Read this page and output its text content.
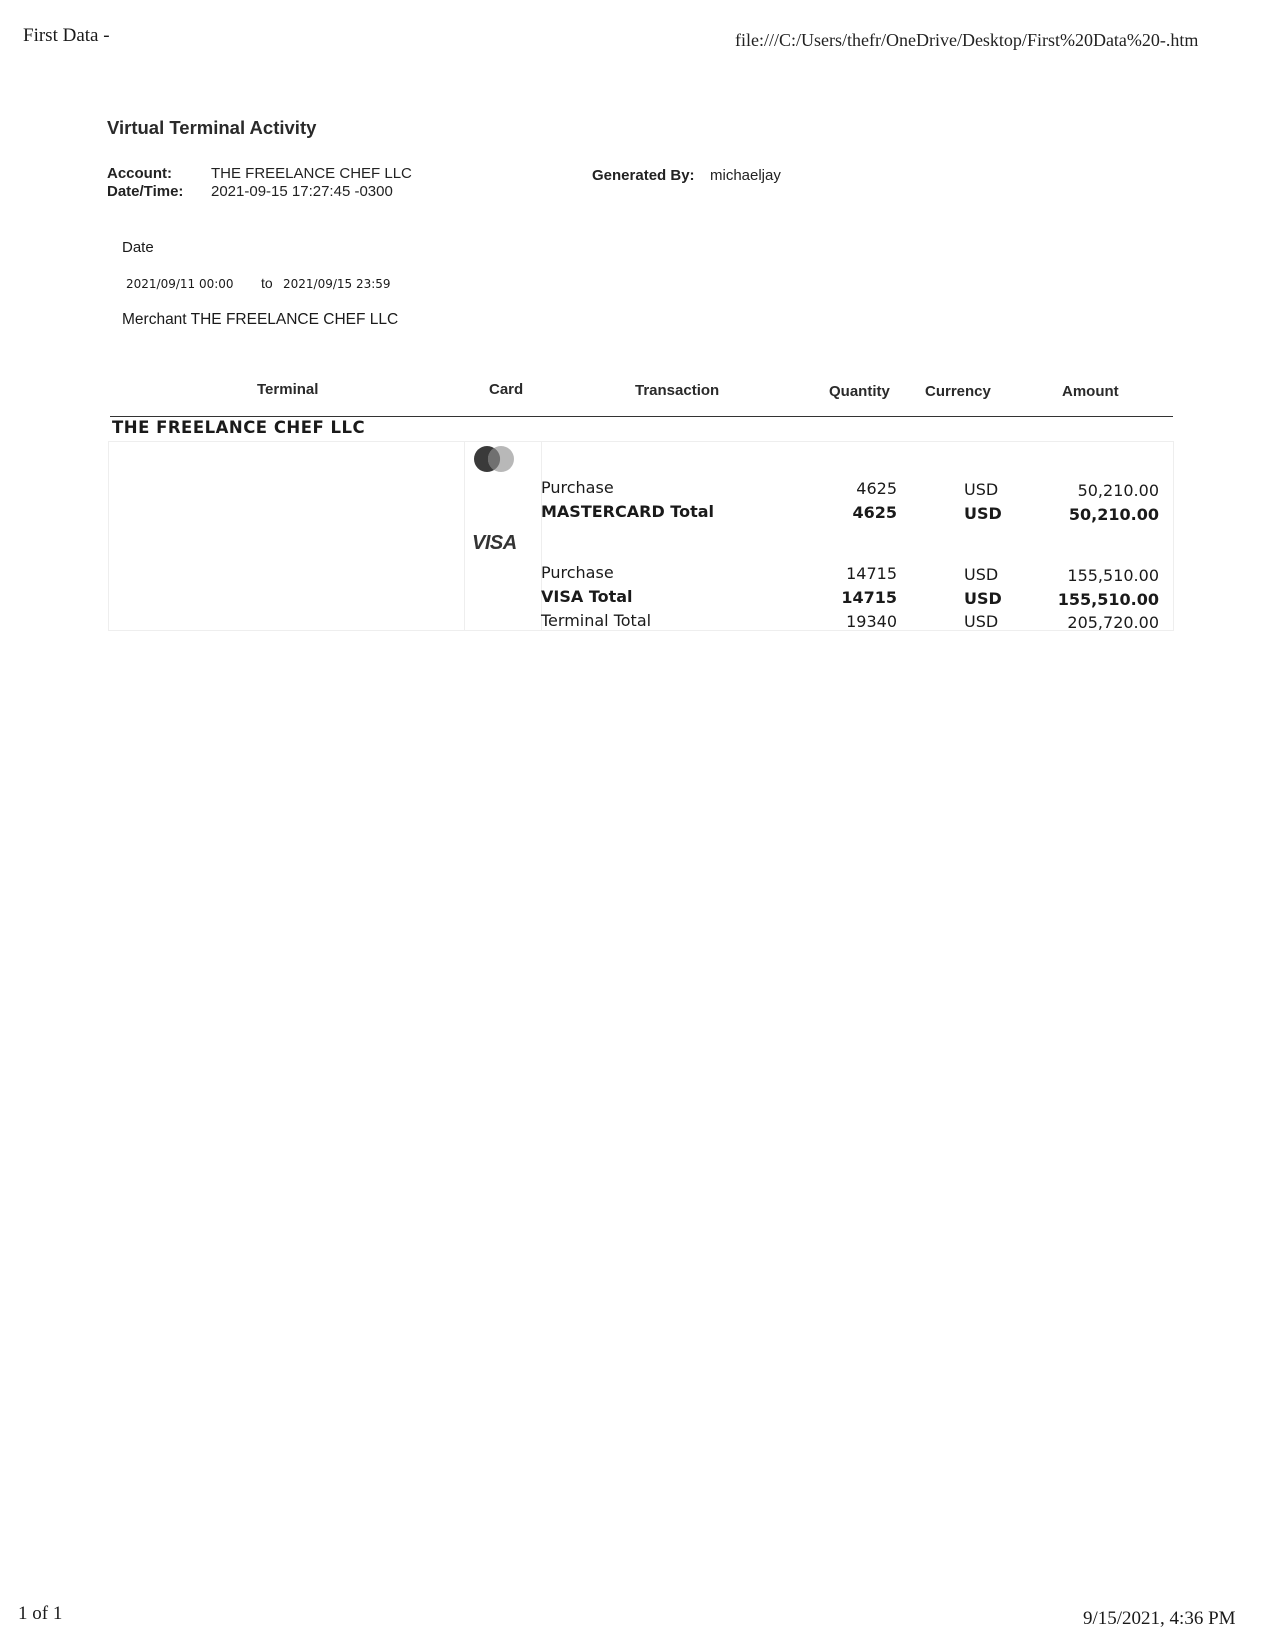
First Data -	file:///C:/Users/thefr/OneDrive/Desktop/First%20Data%20-.htm
Virtual Terminal Activity
Account:	THE FREELANCE CHEF LLC
Date/Time: 2021-09-15 17:27:45 -0300
Generated By: michaeljay
Date
2021/09/11 00:00 to 2021/09/15 23:59
Merchant THE FREELANCE CHEF LLC
Terminal	Card	Transaction	Quantity Currency	Amount
THE FREELANCE CHEF LLC
VISA
Purchase	4625	USD	50,210.00
MASTERCARD Total	4625	USD	50,210.00
Purchase	14715	USD	155,510.00
VISA Total	14715	USD	155,510.00
Terminal Total	19340	USD	205,720.00
1 of 1	9/15/2021, 4:36 PM
